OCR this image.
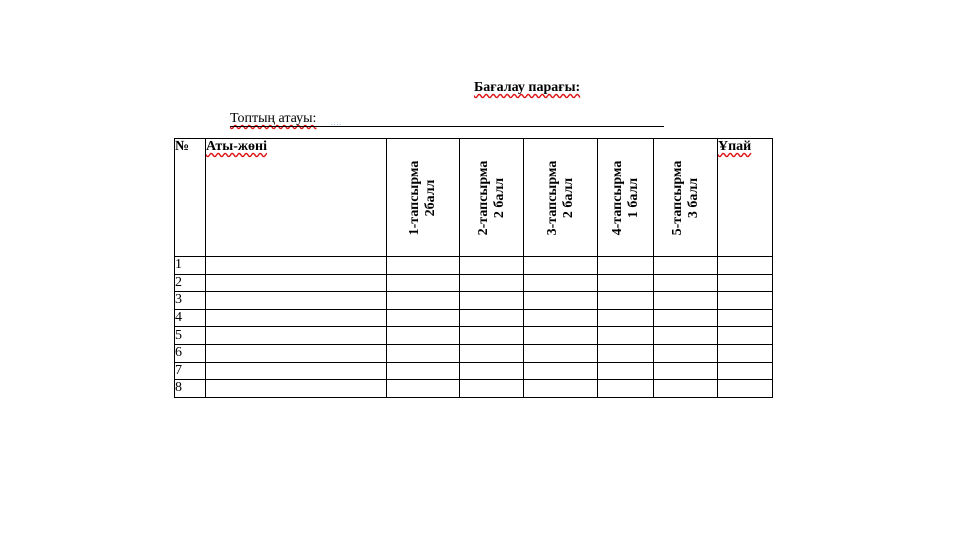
Бағалау парағы:
Топтың атауы: ....
№	Аты-жөні	1-тапсырма 2балл	2-тапсырма 2 балл	3-тапсырма 2 балл	4-тапсырма 1 балл	5-тапсырма 3 балл	Ұпай
1							
2							
3							
4							
5							
6							
7							
8							
